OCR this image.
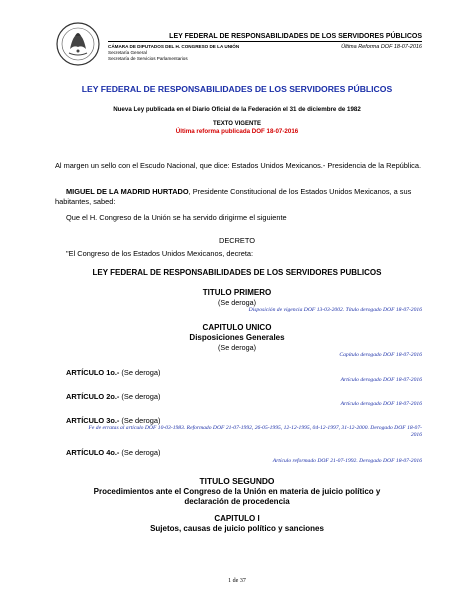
LEY FEDERAL DE RESPONSABILIDADES DE LOS SERVIDORES PÚBLICOS
CÁMARA DE DIPUTADOS DEL H. CONGRESO DE LA UNIÓN
Secretaría General
Secretaría de Servicios Parlamentarios
Última Reforma DOF 18-07-2016
LEY FEDERAL DE RESPONSABILIDADES DE LOS SERVIDORES PÚBLICOS
Nueva Ley publicada en el Diario Oficial de la Federación el 31 de diciembre de 1982
TEXTO VIGENTE
Última reforma publicada DOF 18-07-2016
Al margen un sello con el Escudo Nacional, que dice: Estados Unidos Mexicanos.- Presidencia de la República.
MIGUEL DE LA MADRID HURTADO, Presidente Constitucional de los Estados Unidos Mexicanos, a sus habitantes, sabed:
Que el H. Congreso de la Unión se ha servido dirigirme el siguiente
DECRETO
"El Congreso de los Estados Unidos Mexicanos, decreta:
LEY FEDERAL DE RESPONSABILIDADES DE LOS SERVIDORES PUBLICOS
TITULO PRIMERO
(Se deroga)
Disposición de vigencia DOF 13-03-2002. Título derogado DOF 18-07-2016
CAPITULO UNICO
Disposiciones Generales
(Se deroga)
Capítulo derogado DOF 18-07-2016
ARTÍCULO 1o.- (Se deroga)
Artículo derogado DOF 18-07-2016
ARTÍCULO 2o.- (Se deroga)
Artículo derogado DOF 18-07-2016
ARTÍCULO 3o.- (Se deroga)
Fe de erratas al artículo DOF 10-03-1983. Reformado DOF 21-07-1992, 26-05-1995, 12-12-1995, 04-12-1997, 31-12-2000. Derogado DOF 18-07-2016
ARTÍCULO 4o.- (Se deroga)
Artículo reformado DOF 21-07-1992. Derogado DOF 18-07-2016
TITULO SEGUNDO
Procedimientos ante el Congreso de la Unión en materia de juicio político y declaración de procedencia
CAPITULO I
Sujetos, causas de juicio político y sanciones
1 de 37
